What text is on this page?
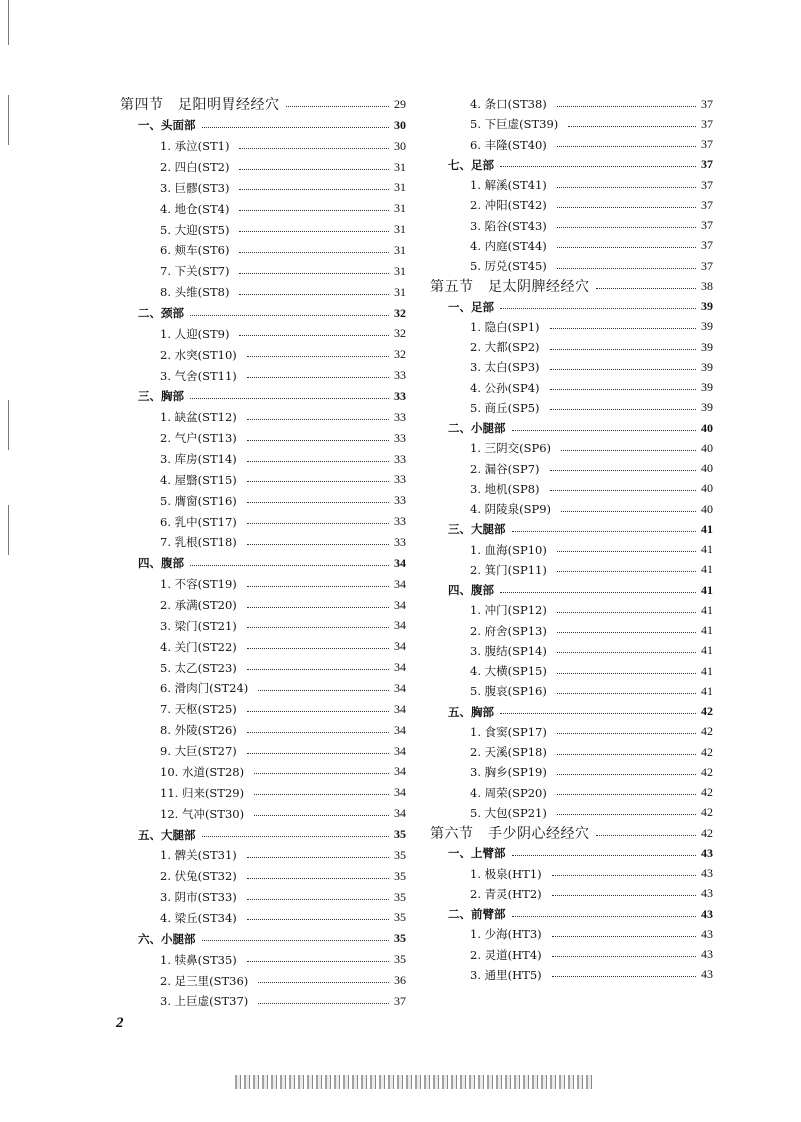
第四节　足阳明胃经经穴	29
一、头面部	30
1. 承泣(ST1)	30
2. 四白(ST2)	31
3. 巨髎(ST3)	31
4. 地仓(ST4)	31
5. 大迎(ST5)	31
6. 颊车(ST6)	31
7. 下关(ST7)	31
8. 头维(ST8)	31
二、颈部	32
1. 人迎(ST9)	32
2. 水突(ST10)	32
3. 气舍(ST11)	33
三、胸部	33
1. 缺盆(ST12)	33
2. 气户(ST13)	33
3. 库房(ST14)	33
4. 屋翳(ST15)	33
5. 膺窗(ST16)	33
6. 乳中(ST17)	33
7. 乳根(ST18)	33
四、腹部	34
1. 不容(ST19)	34
2. 承满(ST20)	34
3. 梁门(ST21)	34
4. 关门(ST22)	34
5. 太乙(ST23)	34
6. 滑肉门(ST24)	34
7. 天枢(ST25)	34
8. 外陵(ST26)	34
9. 大巨(ST27)	34
10. 水道(ST28)	34
11. 归来(ST29)	34
12. 气冲(ST30)	34
五、大腿部	35
1. 髀关(ST31)	35
2. 伏兔(ST32)	35
3. 阴市(ST33)	35
4. 梁丘(ST34)	35
六、小腿部	35
1. 犊鼻(ST35)	35
2. 足三里(ST36)	36
3. 上巨虚(ST37)	37
4. 条口(ST38)	37
5. 下巨虚(ST39)	37
6. 丰隆(ST40)	37
七、足部	37
1. 解溪(ST41)	37
2. 冲阳(ST42)	37
3. 陷谷(ST43)	37
4. 内庭(ST44)	37
5. 厉兑(ST45)	37
第五节　足太阴脾经经穴	38
一、足部	39
1. 隐白(SP1)	39
2. 大都(SP2)	39
3. 太白(SP3)	39
4. 公孙(SP4)	39
5. 商丘(SP5)	39
二、小腿部	40
1. 三阴交(SP6)	40
2. 漏谷(SP7)	40
3. 地机(SP8)	40
4. 阴陵泉(SP9)	40
三、大腿部	41
1. 血海(SP10)	41
2. 箕门(SP11)	41
四、腹部	41
1. 冲门(SP12)	41
2. 府舍(SP13)	41
3. 腹结(SP14)	41
4. 大横(SP15)	41
5. 腹哀(SP16)	41
五、胸部	42
1. 食窦(SP17)	42
2. 天溪(SP18)	42
3. 胸乡(SP19)	42
4. 周荣(SP20)	42
5. 大包(SP21)	42
第六节　手少阴心经经穴	42
一、上臂部	43
1. 极泉(HT1)	43
2. 青灵(HT2)	43
二、前臂部	43
1. 少海(HT3)	43
2. 灵道(HT4)	43
3. 通里(HT5)	43
2
